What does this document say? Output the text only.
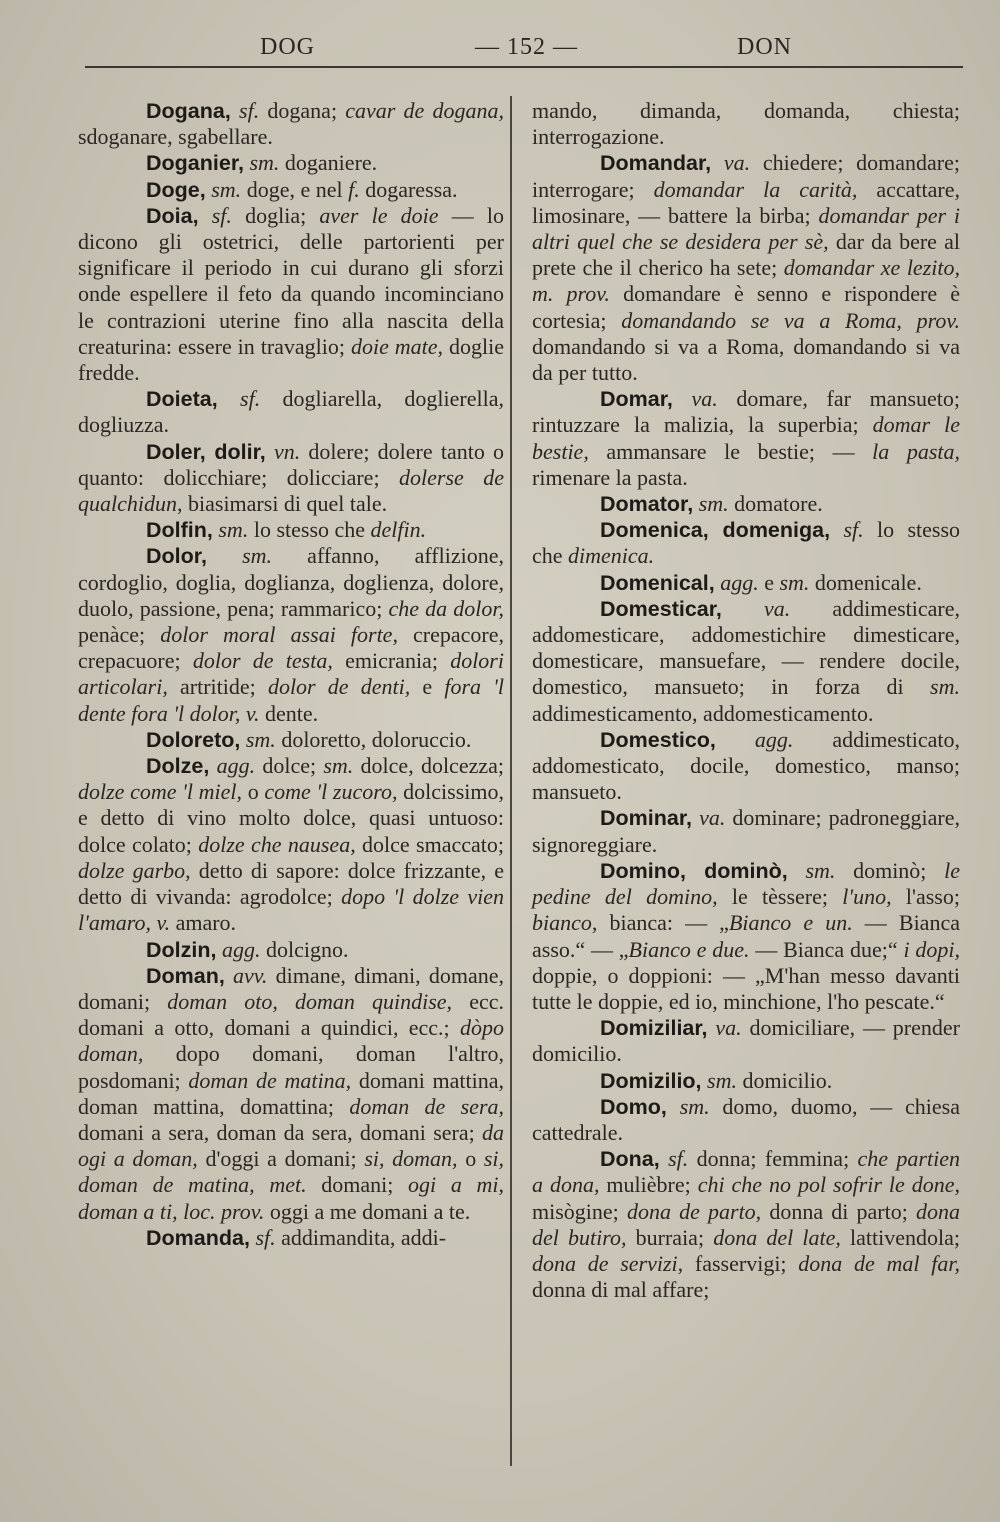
DOG	— 152 —	DON

Dogana, sf. dogana; cavar de dogana, sdoganare, sgabellare.

Doganier, sm. doganiere.

Doge, sm. doge, e nel f. dogaressa.

Doia, sf. doglia; aver le doie — lo dicono gli ostetrici, delle partorienti per significare il periodo in cui durano gli sforzi onde espellere il feto da quando incominciano le contrazioni uterine fino alla nascita della creaturina: essere in travaglio; doie mate, doglie fredde.

Doieta, sf. dogliarella, doglierella, dogliuzza.

Doler, dolir, vn. dolere; dolere tanto o quanto: dolicchiare; dolicciare; dolerse de qualchidun, biasimarsi di quel tale.

Dolfin, sm. lo stesso che delfin.

Dolor, sm. affanno, afflizione, cordoglio, doglia, doglianza, doglienza, dolore, duolo, passione, pena; rammarico; che da dolor, penàce; dolor moral assai forte, crepacore, crepacuore; dolor de testa, emicrania; dolori articolari, artritide; dolor de denti, e fora 'l dente fora 'l dolor, v. dente.

Doloreto, sm. doloretto, doloruccio.

Dolze, agg. dolce; sm. dolce, dolcezza; dolze come 'l miel, o come 'l zucoro, dolcissimo, e detto di vino molto dolce, quasi untuoso: dolce colato; dolze che nausea, dolce smaccato; dolze garbo, detto di sapore: dolce frizzante, e detto di vivanda: agrodolce; dopo 'l dolze vien l'amaro, v. amaro.

Dolzin, agg. dolcigno.

Doman, avv. dimane, dimani, domane, domani; doman oto, doman quindise, ecc. domani a otto, domani a quindici, ecc.; dòpo doman, dopo domani, doman l'altro, posdomani; doman de matina, domani mattina, doman mattina, domattina; doman de sera, domani a sera, doman da sera, domani sera; da ogi a doman, d'oggi a domani; si, doman, o si, doman de matina, met. domani; ogi a mi, doman a ti, loc. prov. oggi a me domani a te.

Domanda, sf. addimandita, addi-

mando, dimanda, domanda, chiesta; interrogazione.

Domandar, va. chiedere; domandare; interrogare; domandar la carità, accattare, limosinare, — battere la birba; domandar per i altri quel che se desidera per sè, dar da bere al prete che il cherico ha sete; domandar xe lezito, m. prov. domandare è senno e rispondere è cortesia; domandando se va a Roma, prov. domandando si va a Roma, domandando si va da per tutto.

Domar, va. domare, far mansueto; rintuzzare la malizia, la superbia; domar le bestie, ammansare le bestie; — la pasta, rimenare la pasta.

Domator, sm. domatore.

Domenica, domeniga, sf. lo stesso che dimenica.

Domenical, agg. e sm. domenicale.

Domesticar, va. addimesticare, addomesticare, addomestichire dimesticare, domesticare, mansuefare, — rendere docile, domestico, mansueto; in forza di sm. addimesticamento, addomesticamento.

Domestico, agg. addimesticato, addomesticato, docile, domestico, mansο; mansueto.

Dominar, va. dominare; padroneggiare, signoreggiare.

Domino, dominò, sm. dominò; le pedine del domino, le tèssere; l'uno, l'asso; bianco, bianca: — „Bianco e un. — Bianca asso.“ — „Bianco e due. — Bianca due;“ i dopi, doppie, o doppioni: — „M'han messo davanti tutte le doppie, ed io, minchione, l'ho pescate.“

Domiziliar, va. domiciliare, — prender domicilio.

Domizilio, sm. domicilio.

Domo, sm. domo, duomo, — chiesa cattedrale.

Dona, sf. donna; femmina; che partien a dona, mulièbre; chi che no pol sofrir le done, misògine; dona de parto, donna di parto; dona del butiro, burraia; dona del late, lattivendola; dona de servizi, fasservigi; dona de mal far, donna di mal affare;
